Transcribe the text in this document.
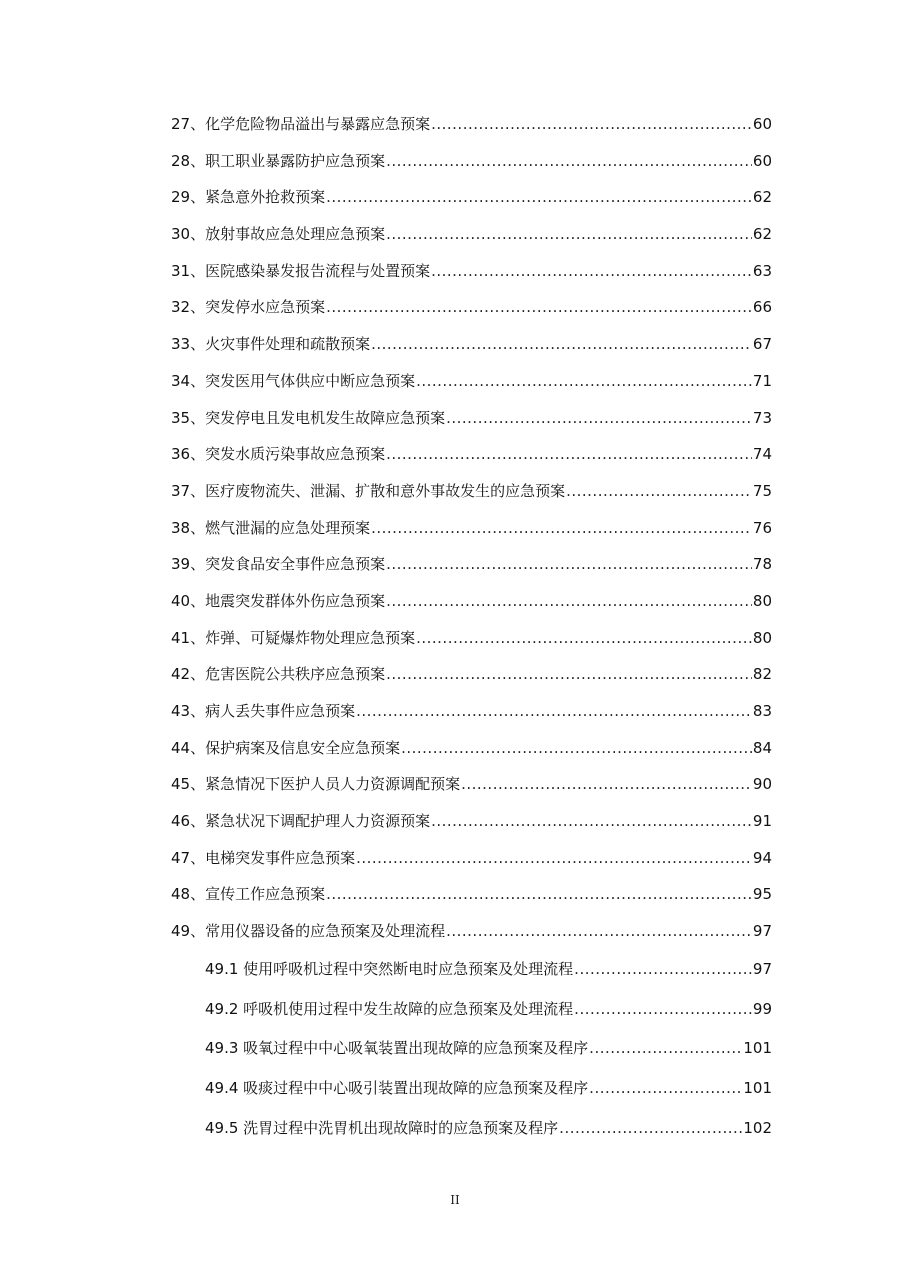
27、化学危险物品溢出与暴露应急预案 .....	60
28、职工职业暴露防护应急预案 .....	60
29、紧急意外抢救预案 .....	62
30、放射事故应急处理应急预案 .....	62
31、医院感染暴发报告流程与处置预案 .....	63
32、突发停水应急预案 .....	66
33、火灾事件处理和疏散预案 .....	67
34、突发医用气体供应中断应急预案 .....	71
35、突发停电且发电机发生故障应急预案 .....	73
36、突发水质污染事故应急预案 .....	74
37、医疗废物流失、泄漏、扩散和意外事故发生的应急预案 .....	75
38、燃气泄漏的应急处理预案 .....	76
39、突发食品安全事件应急预案 .....	78
40、地震突发群体外伤应急预案 .....	80
41、炸弹、可疑爆炸物处理应急预案 .....	80
42、危害医院公共秩序应急预案 .....	82
43、病人丢失事件应急预案 .....	83
44、保护病案及信息安全应急预案 .....	84
45、紧急情况下医护人员人力资源调配预案 .....	90
46、紧急状况下调配护理人力资源预案 .....	91
47、电梯突发事件应急预案 .....	94
48、宣传工作应急预案 .....	95
49、常用仪器设备的应急预案及处理流程 .....	97
49.1 使用呼吸机过程中突然断电时应急预案及处理流程 .....	97
49.2 呼吸机使用过程中发生故障的应急预案及处理流程 .....	99
49.3 吸氧过程中中心吸氧装置出现故障的应急预案及程序 .....	101
49.4 吸痰过程中中心吸引装置出现故障的应急预案及程序 .....	101
49.5 洗胃过程中洗胃机出现故障时的应急预案及程序 .....	102
II
